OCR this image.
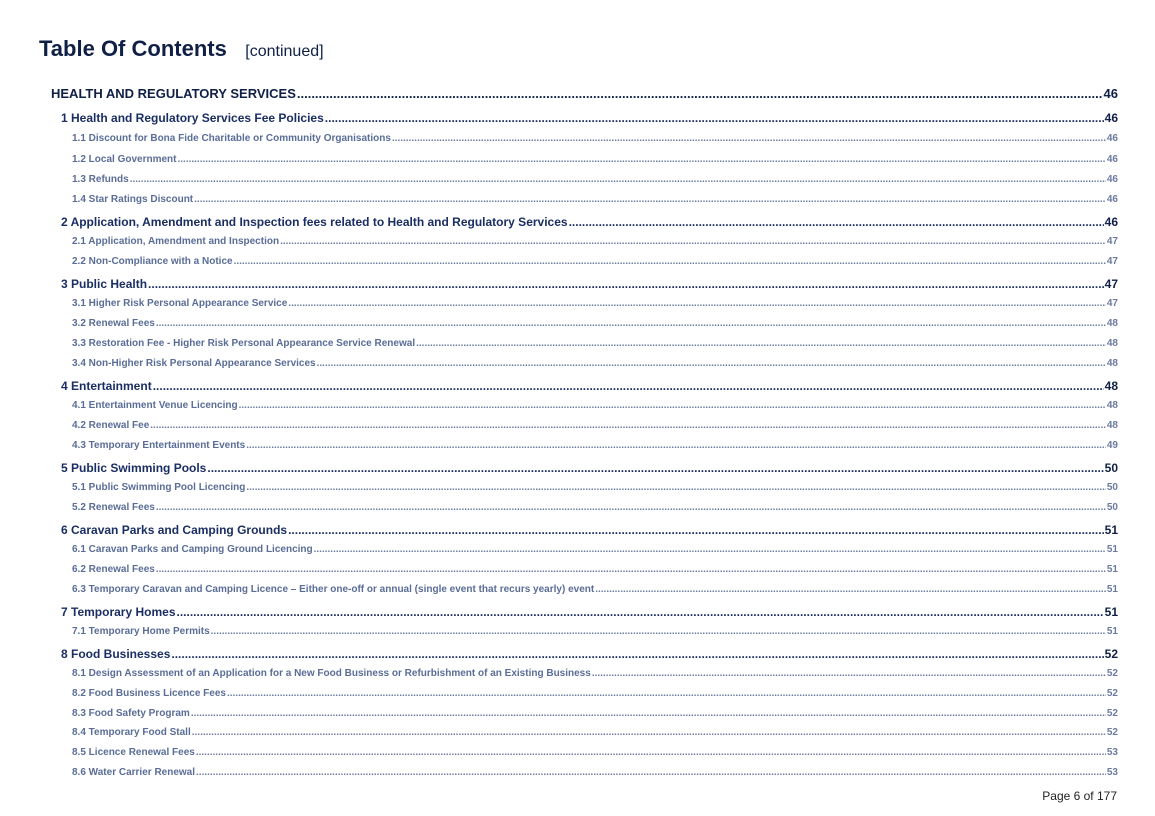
Table Of Contents [continued]
HEALTH AND REGULATORY SERVICES .....	46
1 Health and Regulatory Services Fee Policies .....	46
1.1 Discount for Bona Fide Charitable or Community Organisations .....	46
1.2 Local Government .....	46
1.3 Refunds .....	46
1.4 Star Ratings Discount .....	46
2 Application, Amendment and Inspection fees related to Health and Regulatory Services .....	46
2.1 Application, Amendment and Inspection .....	47
2.2 Non-Compliance with a Notice .....	47
3 Public Health .....	47
3.1 Higher Risk Personal Appearance Service .....	47
3.2 Renewal Fees .....	48
3.3 Restoration Fee - Higher Risk Personal Appearance Service Renewal .....	48
3.4 Non-Higher Risk Personal Appearance Services .....	48
4 Entertainment .....	48
4.1 Entertainment Venue Licencing .....	48
4.2 Renewal Fee .....	48
4.3 Temporary Entertainment Events .....	49
5 Public Swimming Pools .....	50
5.1 Public Swimming Pool Licencing .....	50
5.2 Renewal Fees .....	50
6 Caravan Parks and Camping Grounds .....	51
6.1 Caravan Parks and Camping Ground Licencing .....	51
6.2 Renewal Fees .....	51
6.3 Temporary Caravan and Camping Licence – Either one-off or annual (single event that recurs yearly) event .....	51
7 Temporary Homes .....	51
7.1 Temporary Home Permits .....	51
8 Food Businesses .....	52
8.1 Design Assessment of an Application for a New Food Business or Refurbishment of an Existing Business .....	52
8.2 Food Business Licence Fees .....	52
8.3 Food Safety Program .....	52
8.4 Temporary Food Stall .....	52
8.5 Licence Renewal Fees .....	53
8.6 Water Carrier Renewal .....	53
Page 6 of 177
